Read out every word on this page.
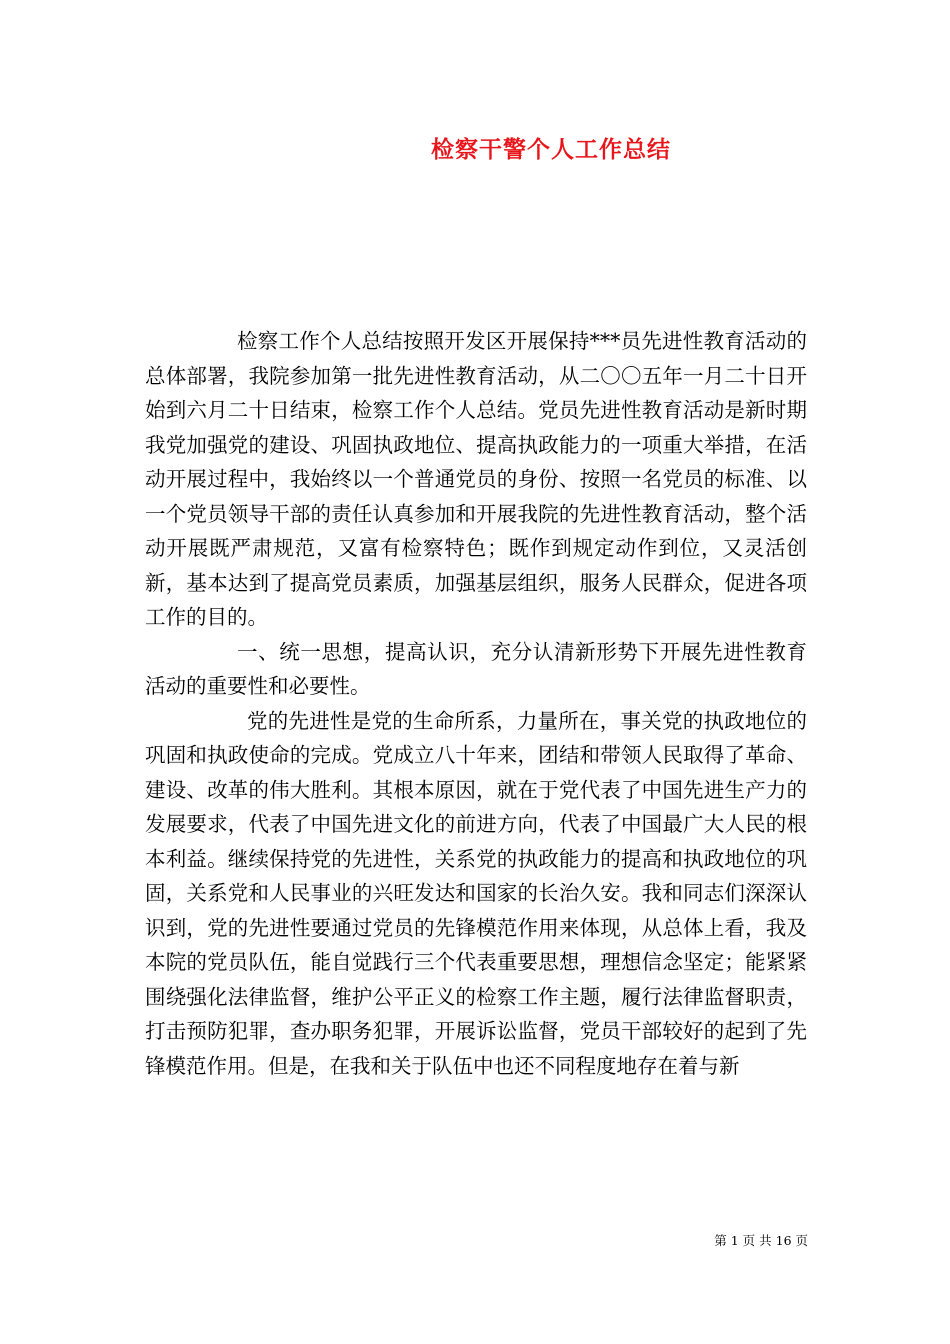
检察干警个人工作总结

检察工作个人总结按照开发区开展保持***员先进性教育活动的总体部署，我院参加第一批先进性教育活动，从二〇〇五年一月二十日开始到六月二十日结束，检察工作个人总结。党员先进性教育活动是新时期我党加强党的建设、巩固执政地位、提高执政能力的一项重大举措，在活动开展过程中，我始终以一个普通党员的身份、按照一名党员的标准、以一个党员领导干部的责任认真参加和开展我院的先进性教育活动，整个活动开展既严肃规范，又富有检察特色；既作到规定动作到位，又灵活创新，基本达到了提高党员素质，加强基层组织，服务人民群众，促进各项工作的目的。

一、统一思想，提高认识，充分认清新形势下开展先进性教育活动的重要性和必要性。

党的先进性是党的生命所系，力量所在，事关党的执政地位的巩固和执政使命的完成。党成立八十年来，团结和带领人民取得了革命、建设、改革的伟大胜利。其根本原因，就在于党代表了中国先进生产力的发展要求，代表了中国先进文化的前进方向，代表了中国最广大人民的根本利益。继续保持党的先进性，关系党的执政能力的提高和执政地位的巩固，关系党和人民事业的兴旺发达和国家的长治久安。我和同志们深深认识到，党的先进性要通过党员的先锋模范作用来体现，从总体上看，我及本院的党员队伍，能自觉践行三个代表重要思想，理想信念坚定；能紧紧围绕强化法律监督，维护公平正义的检察工作主题，履行法律监督职责，打击预防犯罪，查办职务犯罪，开展诉讼监督，党员干部较好的起到了先锋模范作用。但是，在我和关于队伍中也还不同程度地存在着与新

第 1 页 共 16 页
